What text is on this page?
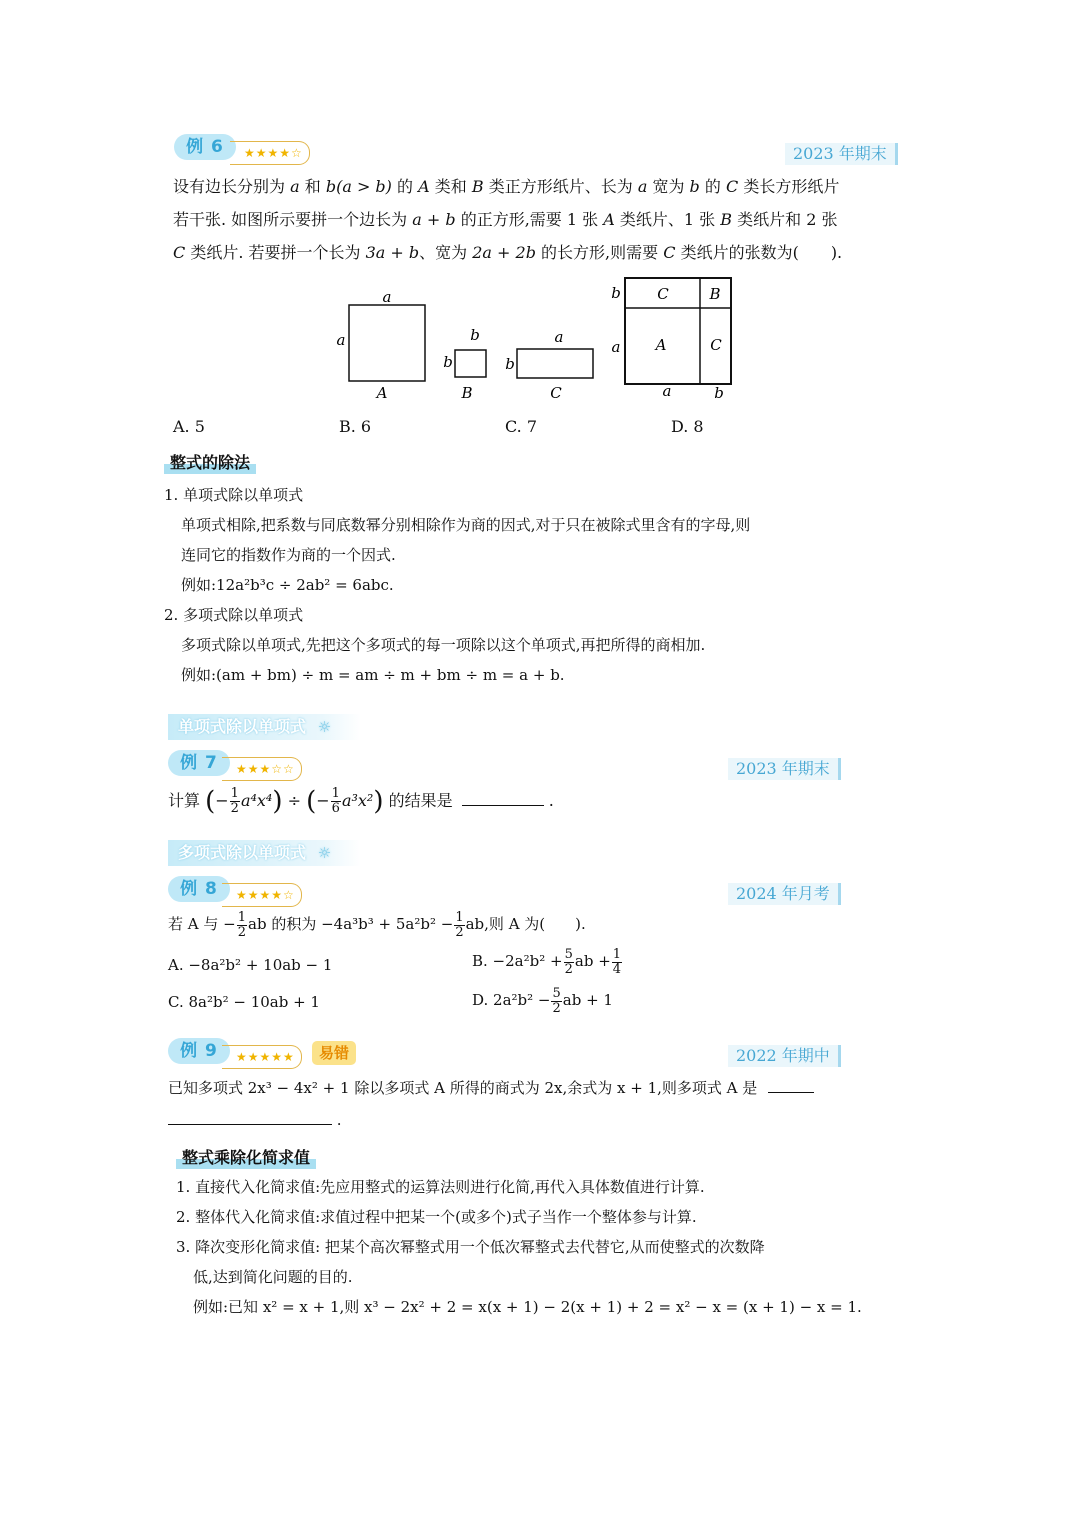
例 6	★★★★☆	2023 年期末
设有边长分别为 a 和 b(a > b) 的 A 类和 B 类正方形纸片、长为 a 宽为 b 的 C 类长方形纸片
若干张. 如图所示要拼一个边长为 a + b 的正方形,需要 1 张 A 类纸片、1 张 B 类纸片和 2 张
C 类纸片. 若要拼一个长为 3a + b、宽为 2a + 2b 的长方形,则需要 C 类纸片的张数为(　　).
a
a
A
b
b
B
a
b
C
b
a
C	B
A	C
a	b
A. 5	B. 6	C. 7	D. 8
整式的除法
1. 单项式除以单项式
单项式相除,把系数与同底数幂分别相除作为商的因式,对于只在被除式里含有的字母,则
连同它的指数作为商的一个因式.
例如:12a²b³c ÷ 2ab² = 6abc.
2. 多项式除以单项式
多项式除以单项式,先把这个多项式的每一项除以这个单项式,再把所得的商相加.
例如:(am + bm) ÷ m = am ÷ m + bm ÷ m = a + b.
单项式除以单项式 ☼
例 7	★★★☆☆	2023 年期末
计算 (− $\frac{1}{2} a^4x^4$) ÷ (− $\frac{1}{6} a^3x^2$) 的结果是	.
多项式除以单项式 ☼
例 8	★★★★☆	2024 年月考
若 A 与 − $\frac{1}{2}$ ab 的积为 $-4a^3b^3 + 5a^2b^2 - \frac{1}{2}$ ab,则 A 为(　　).
A. −8a²b² + 10ab − 1	B. $-2a^2b^2 + \frac{5}{2}$ ab + $\frac{1}{4}$
C. 8a²b² − 10ab + 1	D. $2a^2b^2 - \frac{5}{2}$ ab + 1
例 9	★★★★★	易错	2022 年期中
已知多项式 2x³ − 4x² + 1 除以多项式 A 所得的商式为 2x,余式为 x + 1,则多项式 A 是
.
整式乘除化简求值
1. 直接代入化简求值:先应用整式的运算法则进行化简,再代入具体数值进行计算.
2. 整体代入化简求值:求值过程中把某一个(或多个)式子当作一个整体参与计算.
3. 降次变形化简求值: 把某个高次幂整式用一个低次幂整式去代替它,从而使整式的次数降
低,达到简化问题的目的.
例如:已知 x² = x + 1,则 x³ − 2x² + 2 = x(x + 1) − 2(x + 1) + 2 = x² − x = (x + 1) − x = 1.
